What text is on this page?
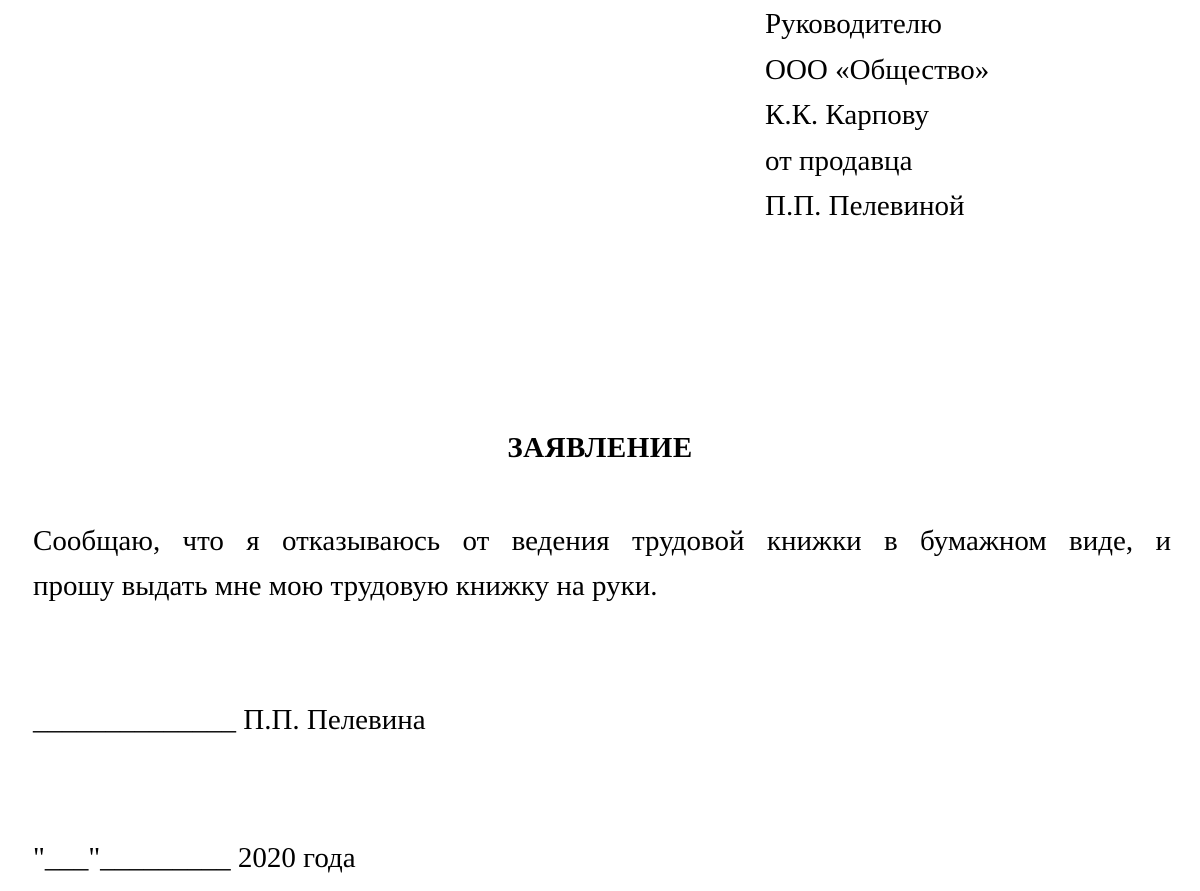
Руководителю
ООО «Общество»
К.К. Карпову
от продавца
П.П. Пелевиной
ЗАЯВЛЕНИЕ
Сообщаю, что я отказываюсь от ведения трудовой книжки в бумажном виде, и
прошу выдать мне мою трудовую книжку на руки.
______________ П.П. Пелевина
"___"_________ 2020 года
